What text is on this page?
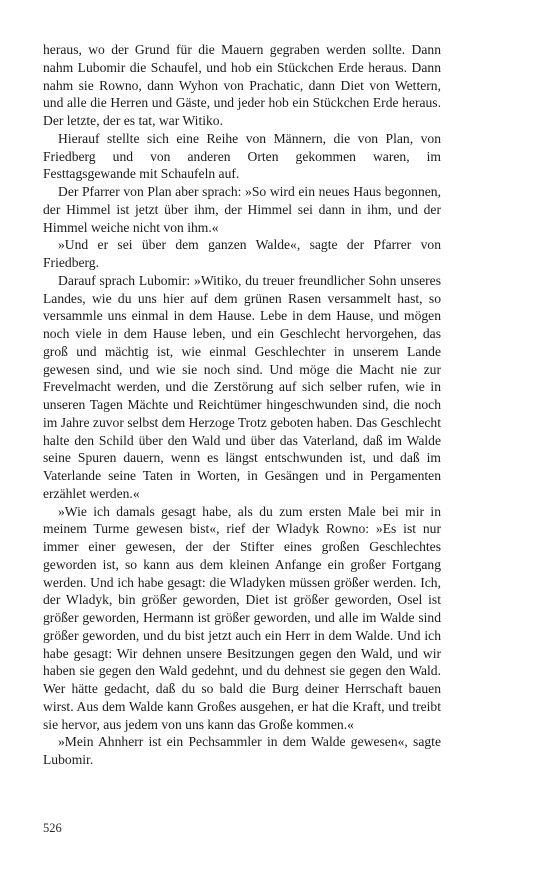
heraus, wo der Grund für die Mauern gegraben werden sollte. Dann nahm Lubomir die Schaufel, und hob ein Stückchen Erde heraus. Dann nahm sie Rowno, dann Wyhon von Prachatic, dann Diet von Wettern, und alle die Herren und Gäste, und jeder hob ein Stückchen Erde heraus. Der letzte, der es tat, war Witiko.

Hierauf stellte sich eine Reihe von Männern, die von Plan, von Friedberg und von anderen Orten gekommen waren, im Festtagsgewande mit Schaufeln auf.

Der Pfarrer von Plan aber sprach: »So wird ein neues Haus begonnen, der Himmel ist jetzt über ihm, der Himmel sei dann in ihm, und der Himmel weiche nicht von ihm.«

»Und er sei über dem ganzen Walde«, sagte der Pfarrer von Friedberg.

Darauf sprach Lubomir: »Witiko, du treuer freundlicher Sohn unseres Landes, wie du uns hier auf dem grünen Rasen versammelt hast, so versammle uns einmal in dem Hause. Lebe in dem Hause, und mögen noch viele in dem Hause leben, und ein Geschlecht hervorgehen, das groß und mächtig ist, wie einmal Geschlechter in unserem Lande gewesen sind, und wie sie noch sind. Und möge die Macht nie zur Frevelmacht werden, und die Zerstörung auf sich selber rufen, wie in unseren Tagen Mächte und Reichtümer hingeschwunden sind, die noch im Jahre zuvor selbst dem Herzoge Trotz geboten haben. Das Geschlecht halte den Schild über den Wald und über das Vaterland, daß im Walde seine Spuren dauern, wenn es längst entschwunden ist, und daß im Vaterlande seine Taten in Worten, in Gesängen und in Pergamenten erzählet werden.«

»Wie ich damals gesagt habe, als du zum ersten Male bei mir in meinem Turme gewesen bist«, rief der Wladyk Rowno: »Es ist nur immer einer gewesen, der der Stifter eines großen Geschlechtes geworden ist, so kann aus dem kleinen Anfange ein großer Fortgang werden. Und ich habe gesagt: die Wladyken müssen größer werden. Ich, der Wladyk, bin größer geworden, Diet ist größer geworden, Osel ist größer geworden, Hermann ist größer geworden, und alle im Walde sind größer geworden, und du bist jetzt auch ein Herr in dem Walde. Und ich habe gesagt: Wir dehnen unsere Besitzungen gegen den Wald, und wir haben sie gegen den Wald gedehnt, und du dehnest sie gegen den Wald. Wer hätte gedacht, daß du so bald die Burg deiner Herrschaft bauen wirst. Aus dem Walde kann Großes ausgehen, er hat die Kraft, und treibt sie hervor, aus jedem von uns kann das Große kommen.«

»Mein Ahnherr ist ein Pechsammler in dem Walde gewesen«, sagte Lubomir.

526
